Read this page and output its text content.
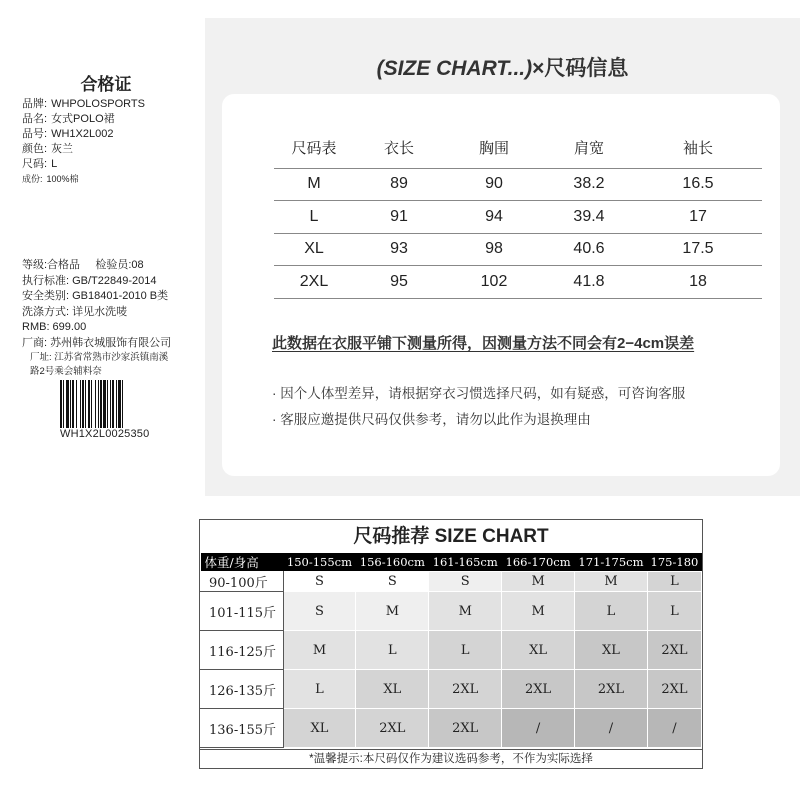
合格证
品牌: WHPOLOSPORTS
品名: 女式POLO裙
品号: WH1X2L002
颜色: 灰兰
尺码: L
成份: 100%棉
等级:合格品 检验员:08
执行标准: GB/T22849-2014
安全类别: GB18401-2010 B类
洗涤方式: 详见水洗唛
RMB: 699.00
厂商: 苏州韩衣城服饰有限公司
厂址: 江苏省常熟市沙家浜镇南溪
路2号乘会辅料奈
WH1X2L0025350
(SIZE CHART...)×尺码信息
尺码表	衣长	胸围	肩宽	袖长
M	89	90	38.2	16.5
L	91	94	39.4	17
XL	93	98	40.6	17.5
2XL	95	102	41.8	18
此数据在衣服平铺下测量所得，因测量方法不同会有2−4cm误差
· 因个人体型差异，请根据穿衣习惯选择尺码，如有疑惑，可咨询客服
· 客服应邀提供尺码仅供参考，请勿以此作为退换理由
尺码推荐 SIZE CHART
体重/身高	150-155cm	156-160cm	161-165cm	166-170cm	171-175cm	175-180
90-100斤	S	S	S	M	M	L
101-115斤	S	M	M	M	L	L
116-125斤	M	L	L	XL	XL	2XL
126-135斤	L	XL	2XL	2XL	2XL	2XL
136-155斤	XL	2XL	2XL	/	/	/
*温馨提示:本尺码仅作为建议选码参考，不作为实际选择
